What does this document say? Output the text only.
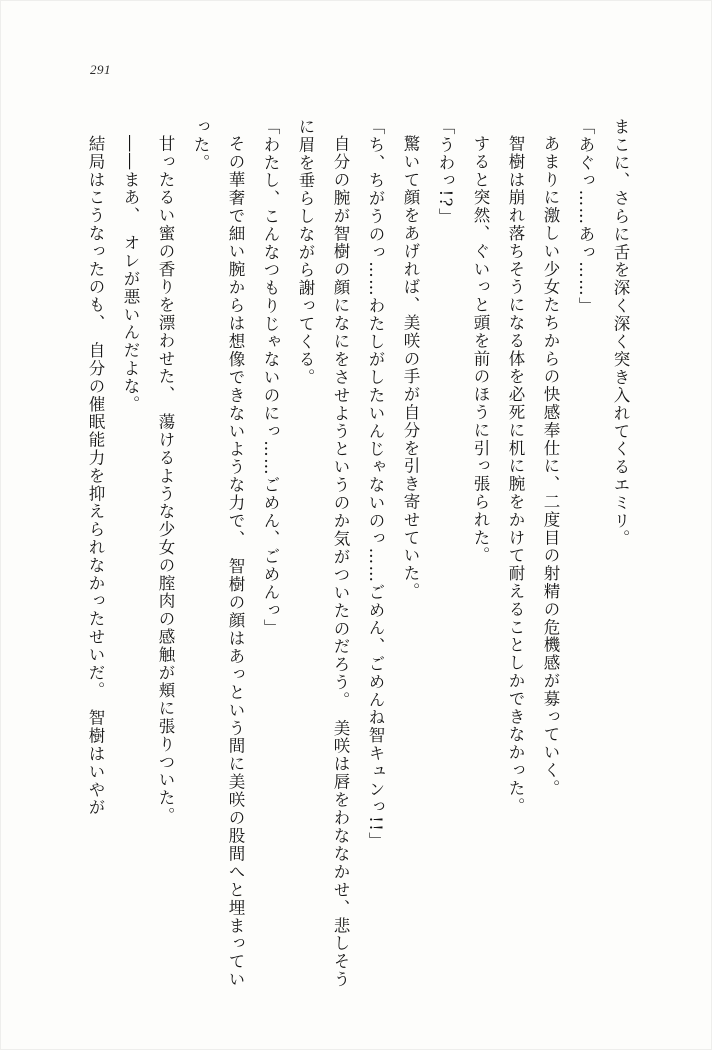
291

まこに、さらに舌を深く深く突き入れてくるエミリ。

「あぐっ……あっ……」

あまりに激しい少女たちからの快感奉仕に、二度目の射精の危機感が募っていく。

智樹は崩れ落ちそうになる体を必死に机に腕をかけて耐えることしかできなかった。

すると突然、ぐいっと頭を前のほうに引っ張られた。

「うわっ!?」

驚いて顔をあげれば、美咲の手が自分を引き寄せていた。

「ち、ちがうのっ……わたしがしたいんじゃないのっ……ごめん、ごめんね智キュンっ!!」

自分の腕が智樹の顔になにをさせようというのか気がついたのだろう。　美咲は唇をわななかせ、悲しそうに眉を垂らしながら謝ってくる。

「わたし、こんなつもりじゃないのにっ……ごめん、ごめんっ」

その華奢で細い腕からは想像できないような力で、　智樹の顔はあっという間に美咲の股間へと埋まっていった。

甘ったるい蜜の香りを漂わせた、　蕩けるような少女の腟肉の感触が頬に張りついた。

――まあ、　オレが悪いんだよな。

結局はこうなったのも、　自分の催眠能力を抑えられなかったせいだ。　智樹はいやが
